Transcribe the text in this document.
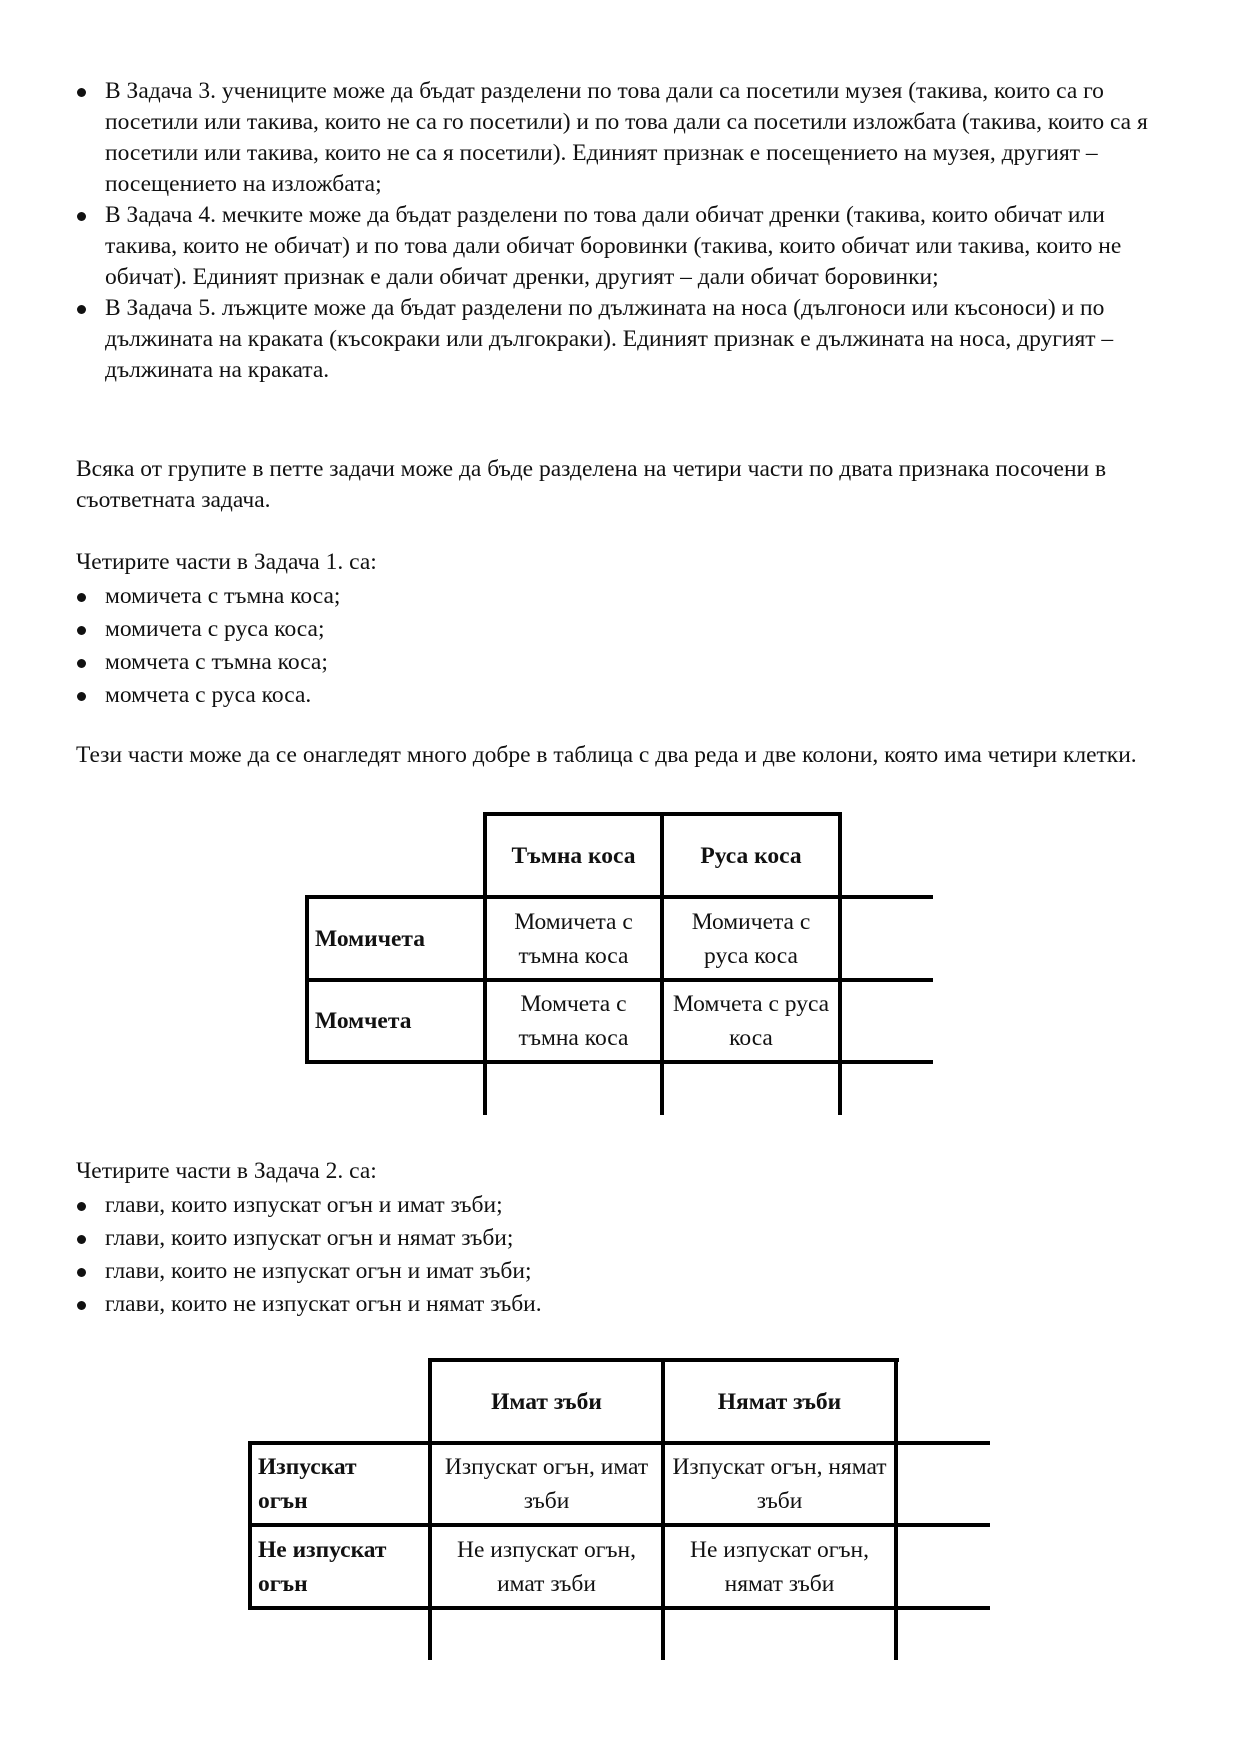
В Задача 3. учениците може да бъдат разделени по това дали са посетили музея (такива, които са го посетили или такива, които не са го посетили) и по това дали са посетили изложбата (такива, които са я посетили или такива, които не са я посетили). Единият признак е посещението на музея, другият – посещението на изложбата;
В Задача 4. мечките може да бъдат разделени по това дали обичат дренки (такива, които обичат или такива, които не обичат) и по това дали обичат боровинки (такива, които обичат или такива, които не обичат). Единият признак е дали обичат дренки, другият – дали обичат боровинки;
В Задача 5. лъжците може да бъдат разделени по дължината на носа (дългоноси или късоноси) и по дължината на краката (късокраки или дългокраки). Единият признак е дължината на носа, другият – дължината на краката.

Всяка от групите в петте задачи може да бъде разделена на четири части по двата признака посочени в съответната задача.

Четирите части в Задача 1. са:

момичета с тъмна коса;
момичета с руса коса;
момчета с тъмна коса;
момчета с руса коса.

Тези части може да се онагледят много добре в таблица с два реда и две колони, която има четири клетки.

Тъмна коса	Руса коса
Момичета
Момичета с тъмна коса
Момичета с руса коса
Момчета
Момчета с тъмна коса
Момчета с руса коса

Четирите части в Задача 2. са:

глави, които изпускат огън и имат зъби;
глави, които изпускат огън и нямат зъби;
глави, които не изпускат огън и имат зъби;
глави, които не изпускат огън и нямат зъби.
Имат зъби	Нямат зъби
Изпускат огън
Изпускат огън, имат зъби
Изпускат огън, нямат зъби
Не изпускат огън
Не изпускат огън, имат зъби
Не изпускат огън, нямат зъби
